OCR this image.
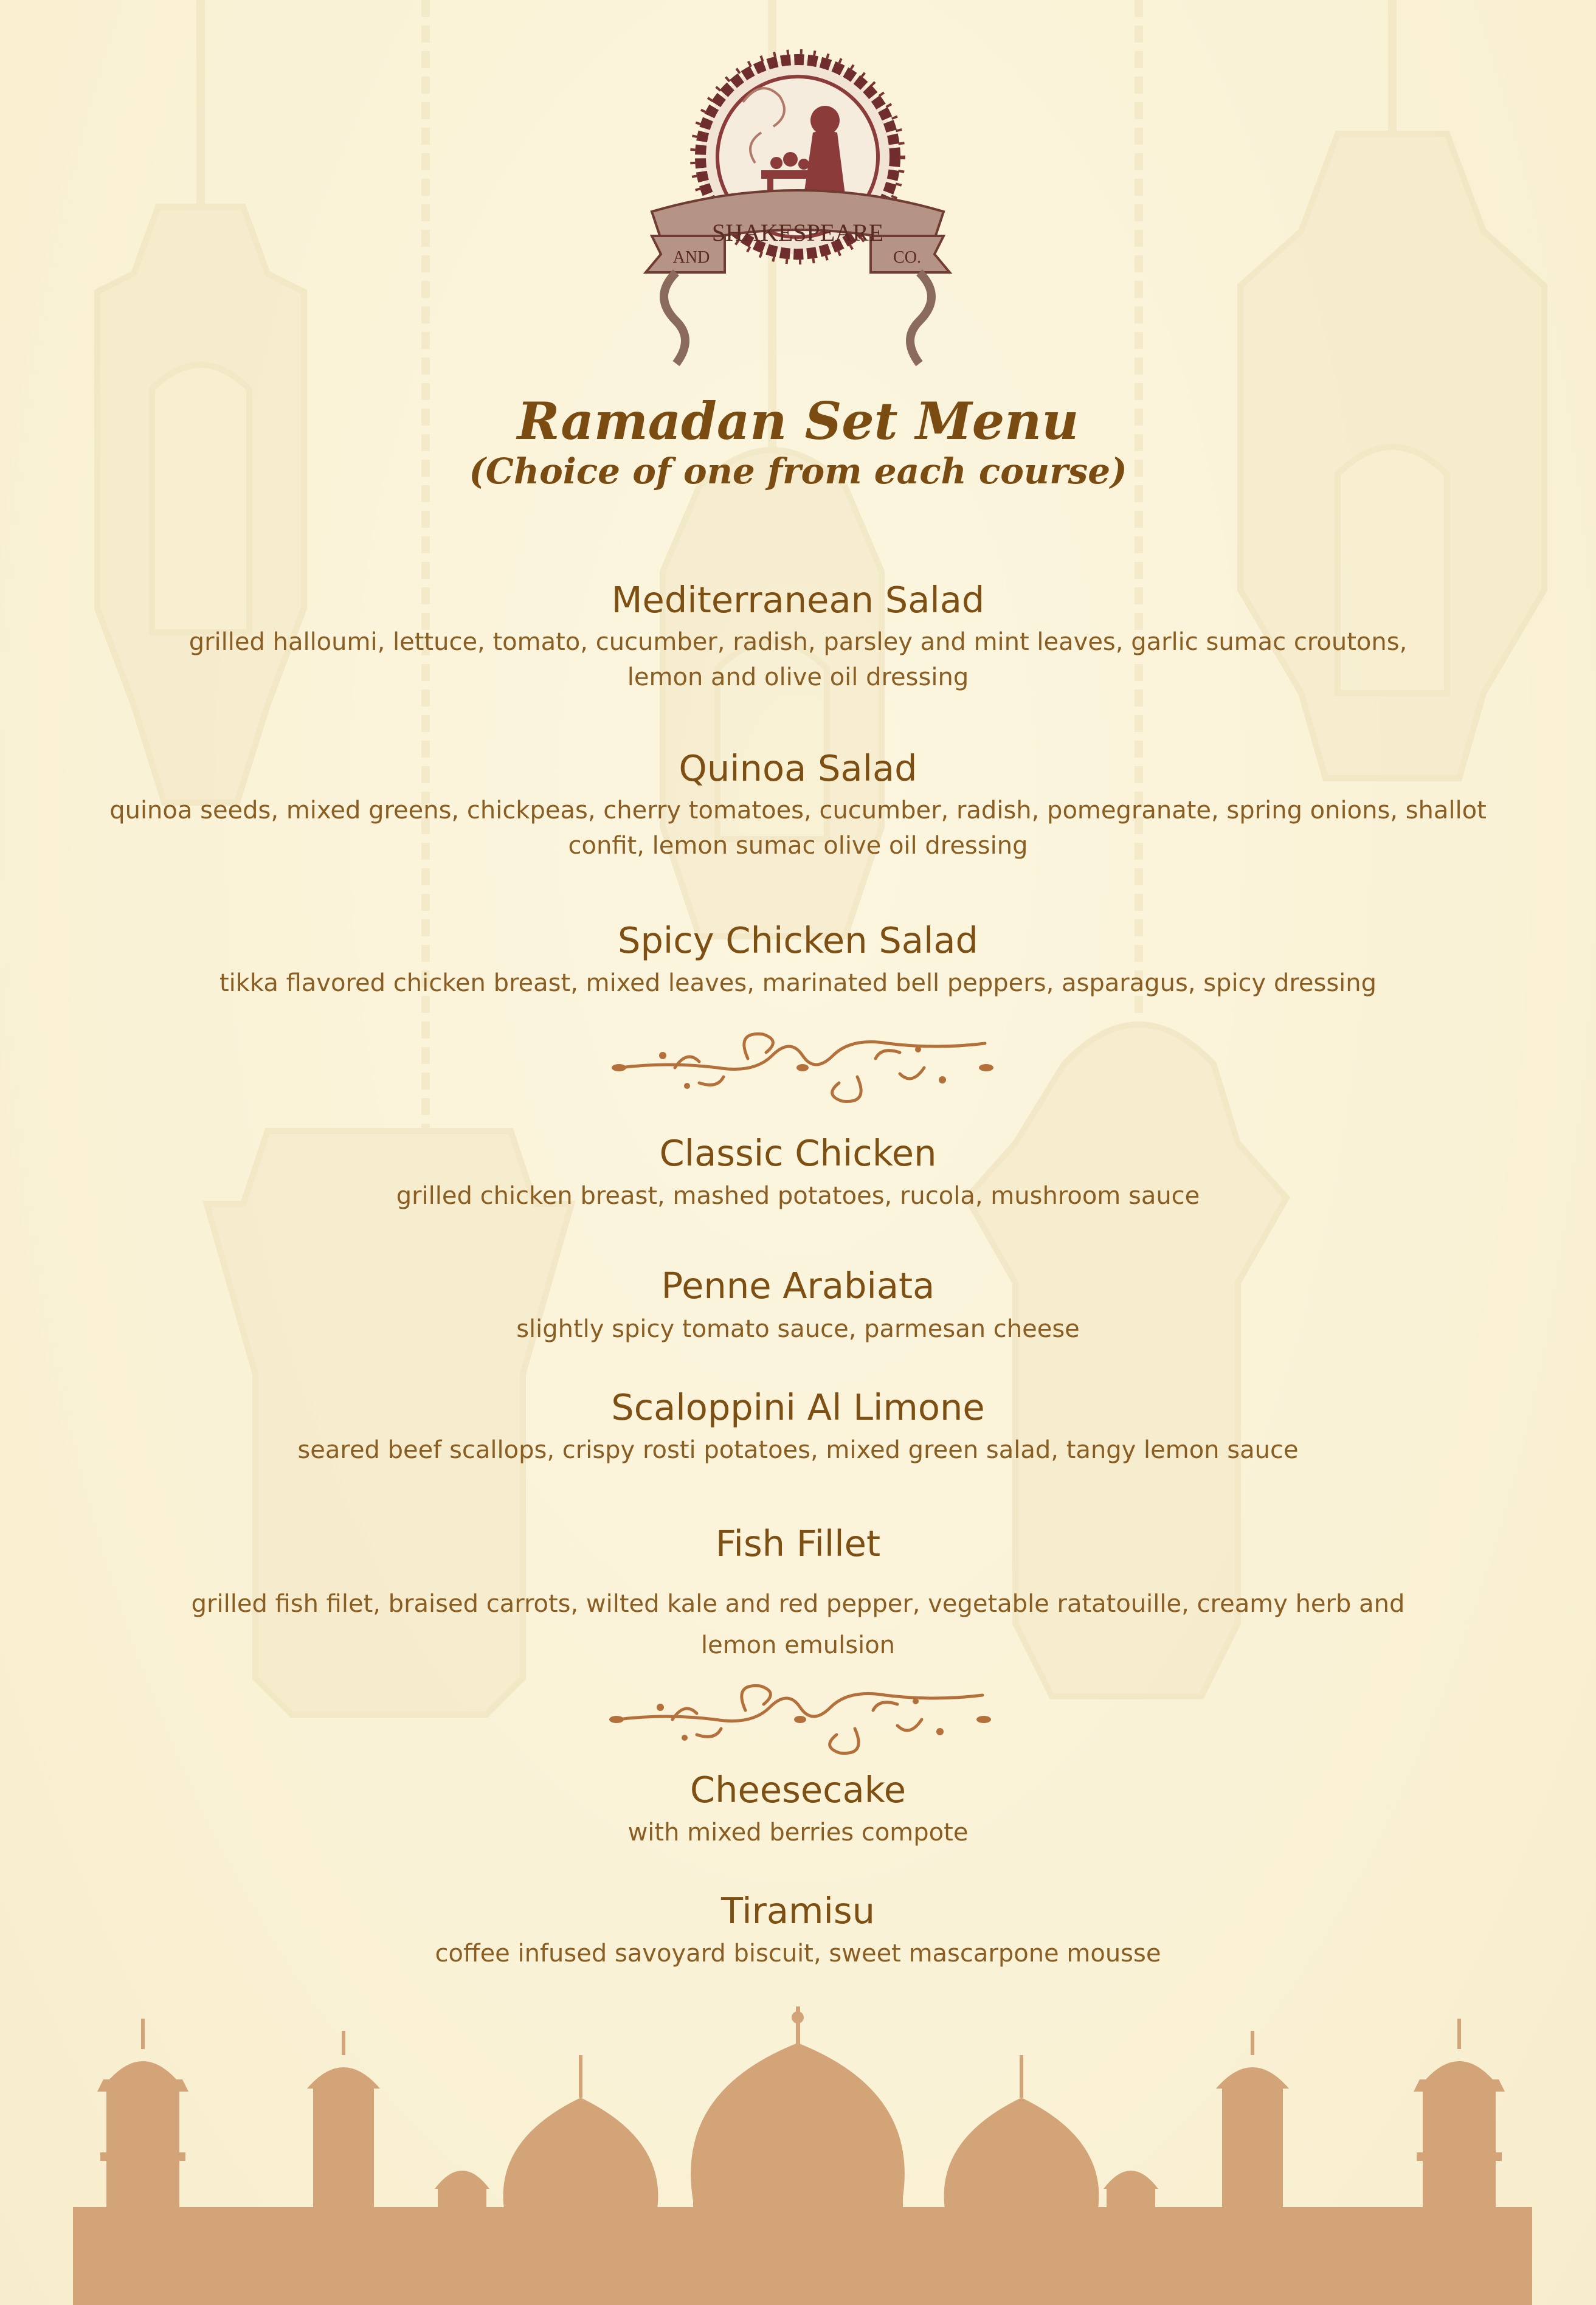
SHAKESPEARE
AND	CO.
Ramadan Set Menu
(Choice of one from each course)
Mediterranean Salad
grilled halloumi, lettuce, tomato, cucumber, radish, parsley and mint leaves, garlic sumac croutons, lemon and olive oil dressing
Quinoa Salad
quinoa seeds, mixed greens, chickpeas, cherry tomatoes, cucumber, radish, pomegranate, spring onions, shallot confit, lemon sumac olive oil dressing
Spicy Chicken Salad
tikka flavored chicken breast, mixed leaves, marinated bell peppers, asparagus, spicy dressing
Classic Chicken
grilled chicken breast, mashed potatoes, rucola, mushroom sauce
Penne Arabiata
slightly spicy tomato sauce, parmesan cheese
Scaloppini Al Limone
seared beef scallops, crispy rosti potatoes, mixed green salad, tangy lemon sauce
Fish Fillet
grilled fish filet, braised carrots, wilted kale and red pepper, vegetable ratatouille, creamy herb and lemon emulsion
Cheesecake
with mixed berries compote
Tiramisu
coffee infused savoyard biscuit, sweet mascarpone mousse
